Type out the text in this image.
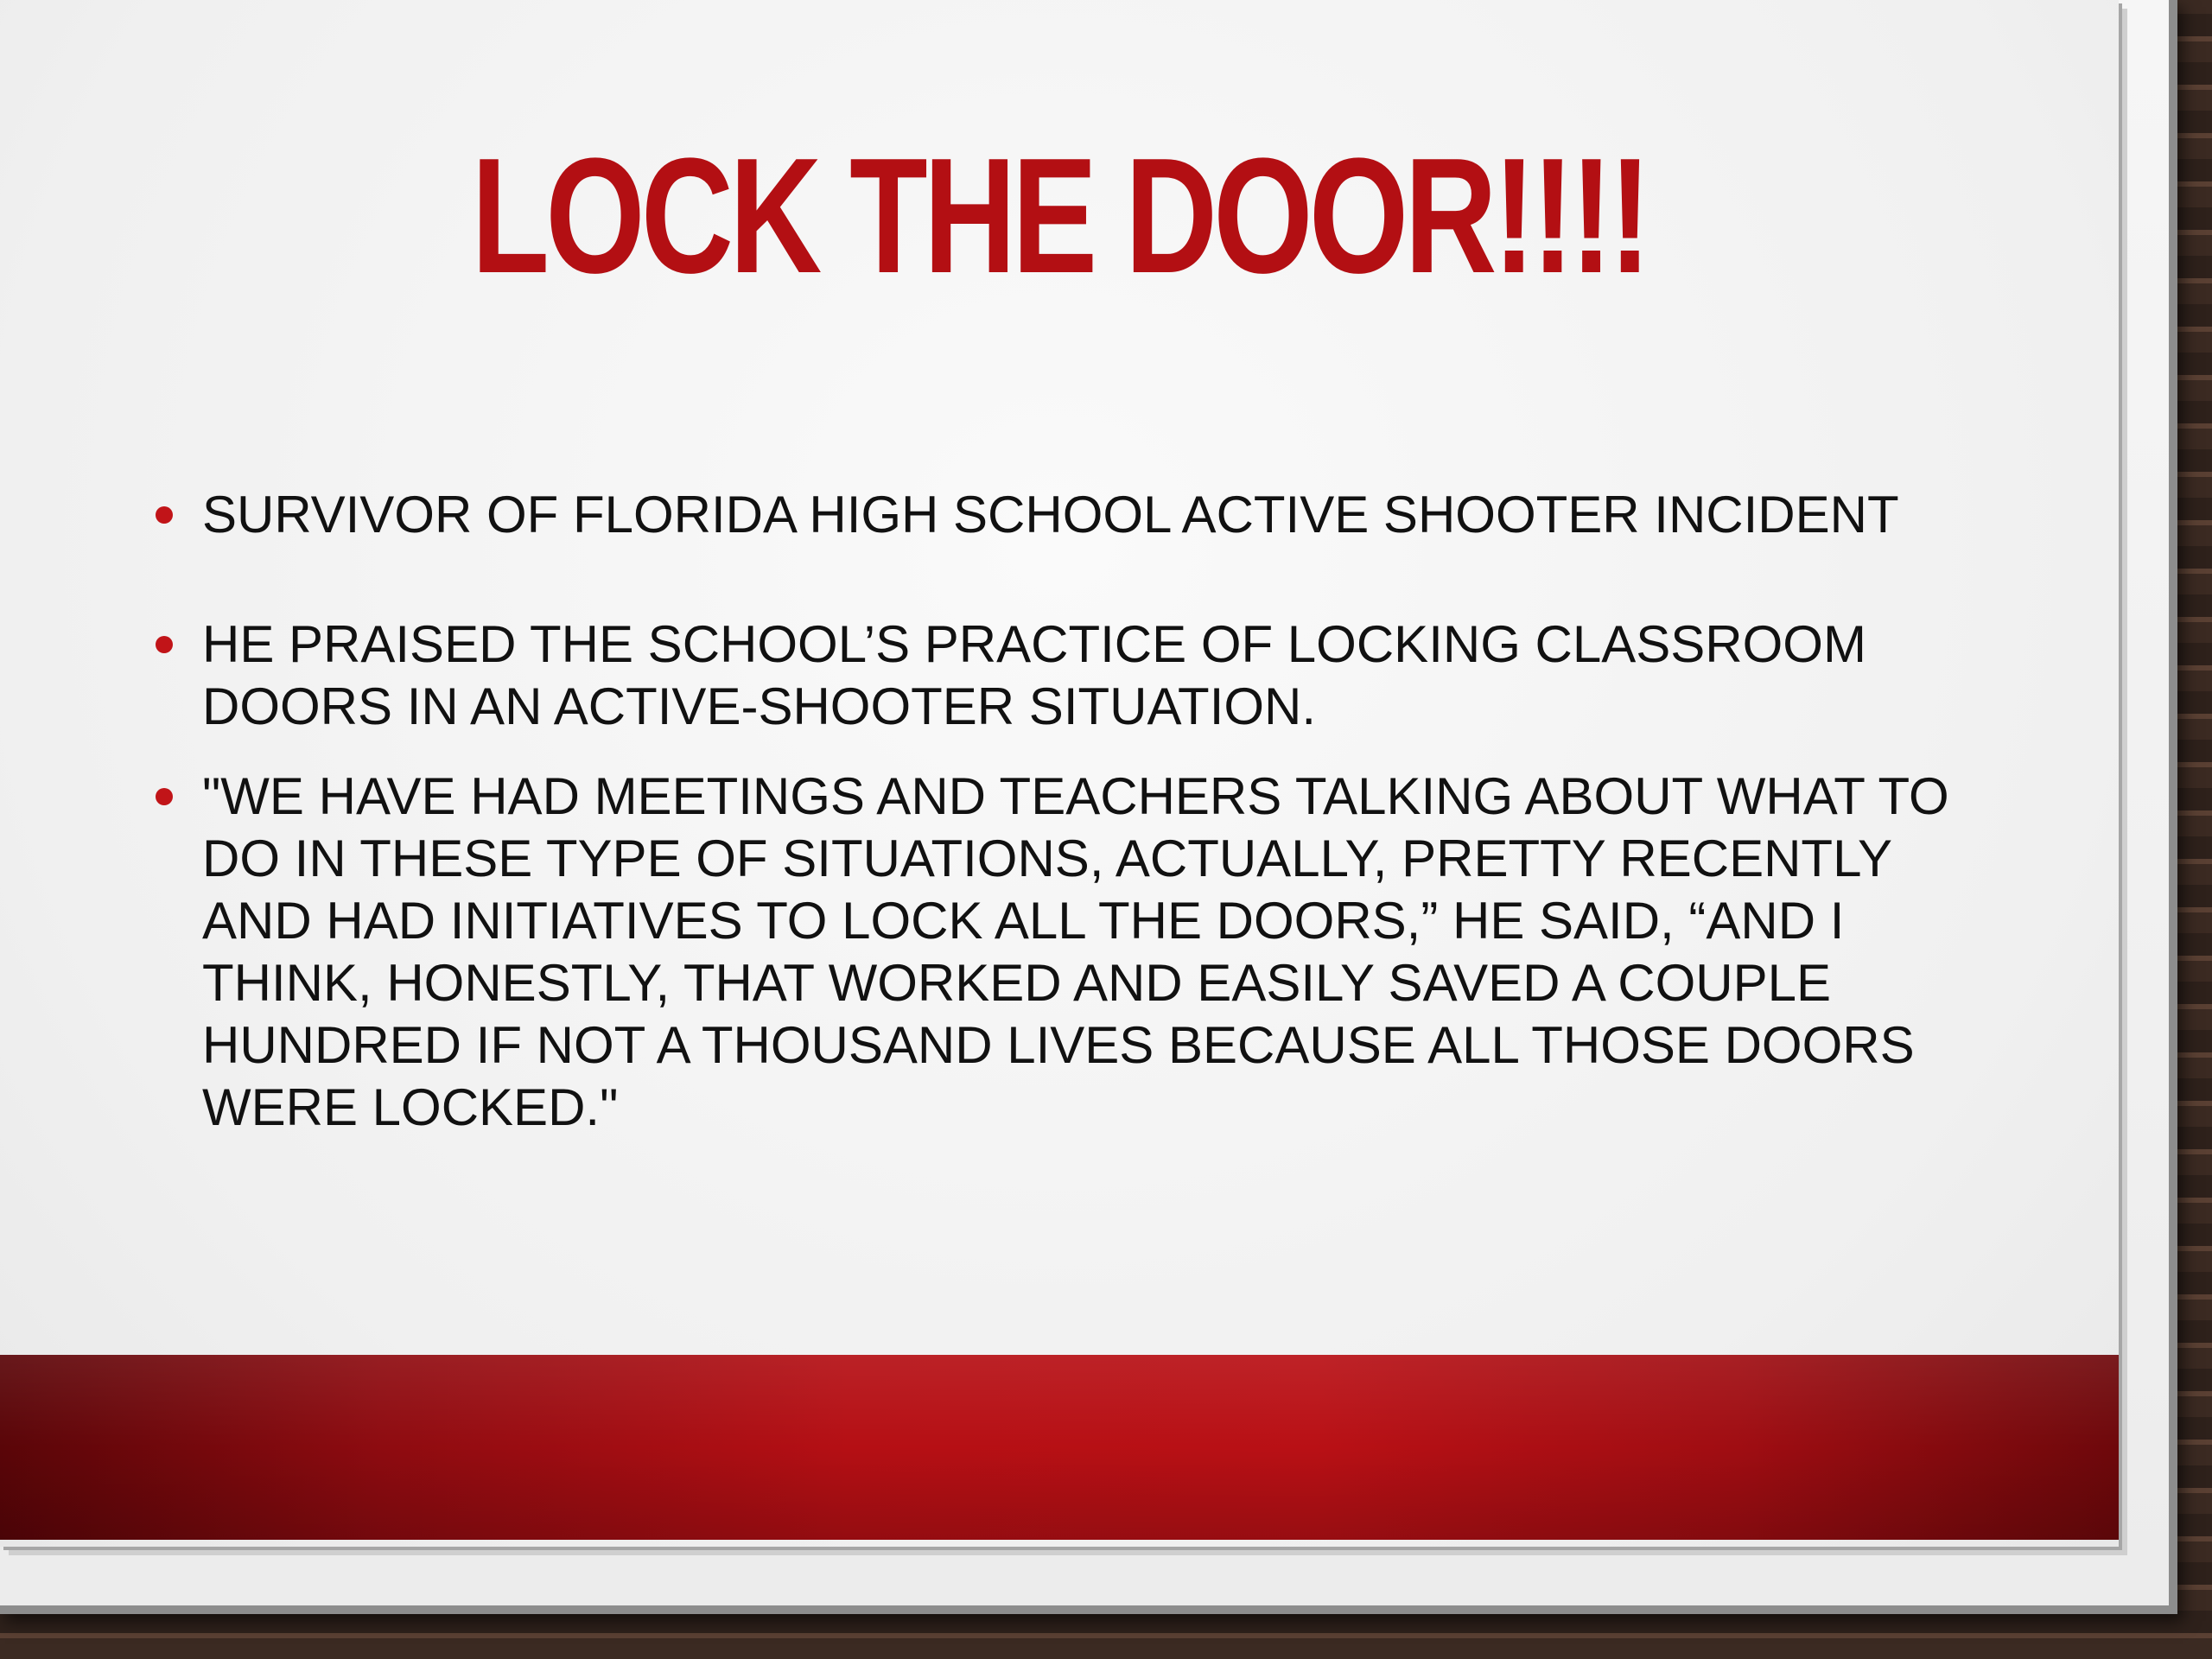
LOCK THE DOOR!!!!
SURVIVOR OF FLORIDA HIGH SCHOOL ACTIVE SHOOTER INCIDENT
HE PRAISED THE SCHOOL’S PRACTICE OF LOCKING CLASSROOM DOORS IN AN ACTIVE-SHOOTER SITUATION.
"WE HAVE HAD MEETINGS AND TEACHERS TALKING ABOUT WHAT TO DO IN THESE TYPE OF SITUATIONS, ACTUALLY, PRETTY RECENTLY AND HAD INITIATIVES TO LOCK ALL THE DOORS,” HE SAID, “AND I THINK, HONESTLY, THAT WORKED AND EASILY SAVED A COUPLE HUNDRED IF NOT A THOUSAND LIVES BECAUSE ALL THOSE DOORS WERE LOCKED."
